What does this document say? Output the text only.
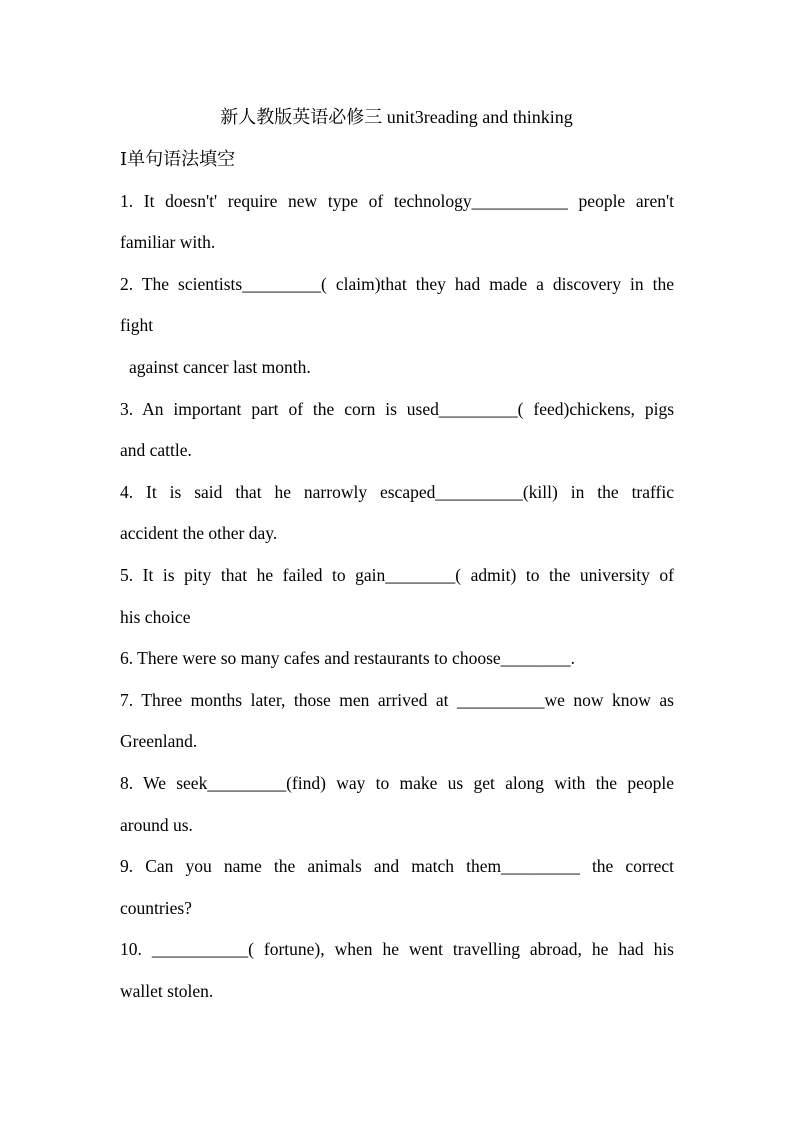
新人教版英语必修三 unit3reading and thinking
Ⅰ单句语法填空
1. It doesn't' require new type of technology___________ people aren't
familiar with.
2. The scientists_________( claim)that they had made a discovery in the
fight
against cancer last month.
3. An important part of the corn is used_________( feed)chickens, pigs
and cattle.
4. It is said that he narrowly escaped__________(kill) in the traffic
accident the other day.
5. It is pity that he failed to gain________( admit) to the university of
his choice
6. There were so many cafes and restaurants to choose________.
7. Three months later, those men arrived at __________we now know as
Greenland.
8. We seek_________(find) way to make us get along with the people
around us.
9. Can you name the animals and match them_________ the correct
countries?
10. ___________( fortune), when he went travelling abroad, he had his
wallet stolen.
